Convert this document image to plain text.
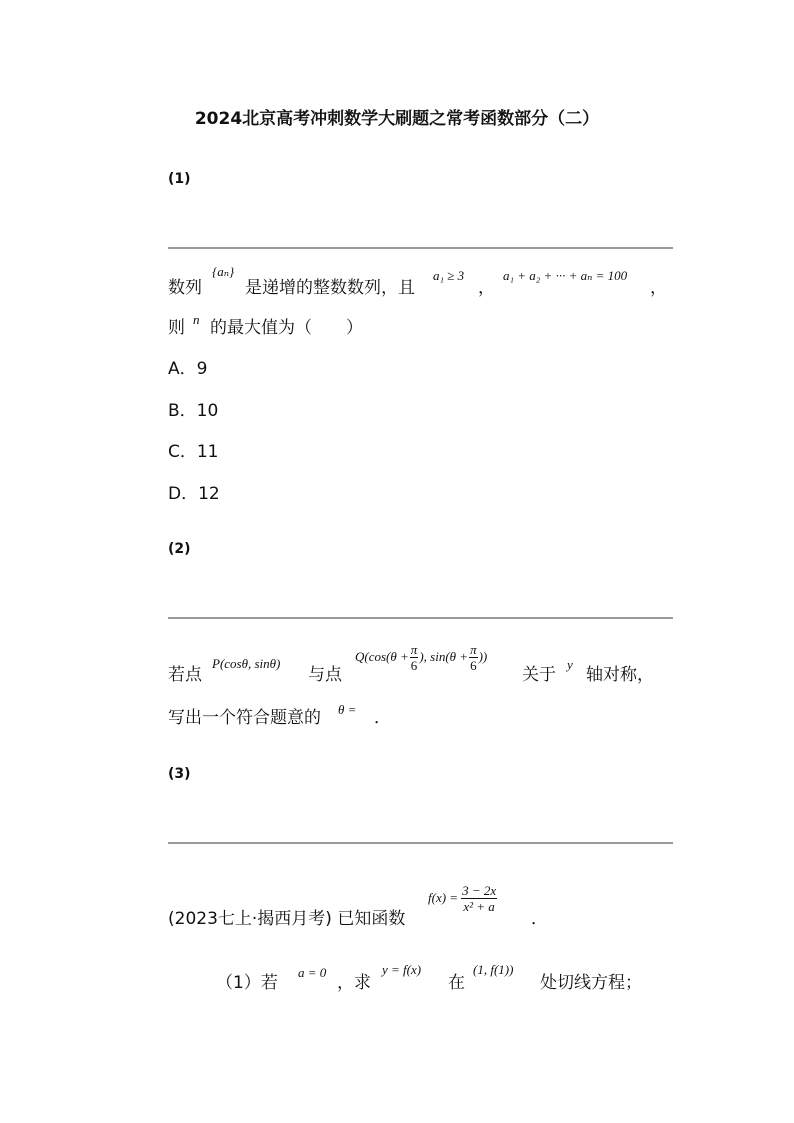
2024北京高考冲刺数学大刷题之常考函数部分（二）
(1)
数列
{aₙ}
是递增的整数数列，且
a₁ ≥ 3
，
a₁ + a₂ + ··· + aₙ = 100
，
则 n 的最大值为（　　）
A．9
B．10
C．11
D．12
(2)
若点
P(cosθ, sinθ)
与点
$Q(\cos(\theta + \frac{\pi}{6}$ ), $\sin(\theta + \frac{\pi}{6}$ ))
关于
y
轴对称，
写出一个符合题意的 θ = ．
(3)
(2023七上·揭西月考) 已知函数
$f(x) = \frac{3 - 2x}{\text{x² + a}}$
．
（1）若
a = 0
，求
y = f(x)
在
(1, f(1))
处切线方程；
